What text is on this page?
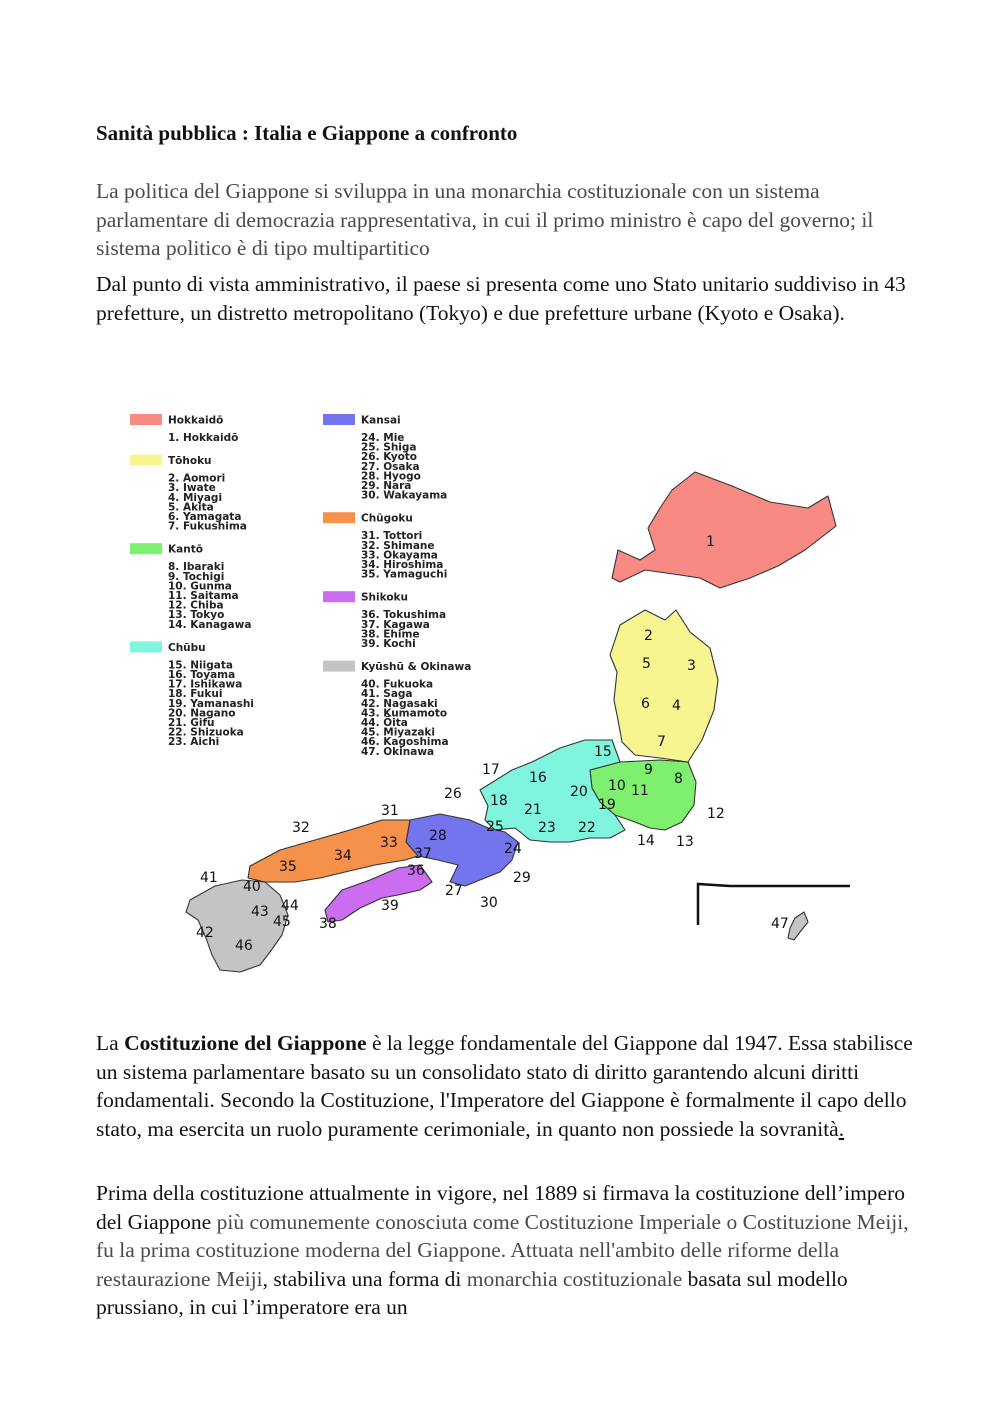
Sanità pubblica : Italia e Giappone a confronto

La politica del Giappone si sviluppa in una monarchia costituzionale con un sistema parlamentare di democrazia rappresentativa, in cui il primo ministro è capo del governo; il sistema politico è di tipo multipartitico

Dal punto di vista amministrativo, il paese si presenta come uno Stato unitario suddiviso in 43 prefetture, un distretto metropolitano (Tokyo) e due prefetture urbane (Kyoto e Osaka).

Hokkaidō
1. Hokkaidō
Tōhoku
2. Aomori
3. Iwate
4. Miyagi
5. Akita
6. Yamagata
7. Fukushima
Kantō
8. Ibaraki
9. Tochigi
10. Gunma
11. Saitama
12. Chiba
13. Tokyo
14. Kanagawa
Chūbu
15. Niigata
16. Toyama
17. Ishikawa
18. Fukui
19. Yamanashi
20. Nagano
21. Gifu
22. Shizuoka
23. Aichi
Kansai
24. Mie
25. Shiga
26. Kyoto
27. Osaka
28. Hyogo
29. Nara
30. Wakayama
Chūgoku
31. Tottori
32. Shimane
33. Okayama
34. Hiroshima
35. Yamaguchi
Shikoku
36. Tokushima
37. Kagawa
38. Ehime
39. Kochi
Kyūshū & Okinawa
40. Fukuoka
41. Saga
42. Nagasaki
43. Kumamoto
44. Ōita
45. Miyazaki
46. Kagoshima
47. Okinawa
1
2
3
4
5
6
7
8
9
10 11
12
13
14
15
16
17
18	19
20
21
22
23
24
25
26
27
28
29
30
31
32
33
34
35	36
37
38
39
40
41
42
43 44
45
46
47

La Costituzione del Giappone è la legge fondamentale del Giappone dal 1947. Essa stabilisce un sistema parlamentare basato su un consolidato stato di diritto garantendo alcuni diritti fondamentali. Secondo la Costituzione, l'Imperatore del Giappone è formalmente il capo dello stato, ma esercita un ruolo puramente cerimoniale, in quanto non possiede la sovranità.

Prima della costituzione attualmente in vigore, nel 1889 si firmava la costituzione dell’impero del Giappone più comunemente conosciuta come Costituzione Imperiale o Costituzione Meiji, fu la prima costituzione moderna del Giappone. Attuata nell'ambito delle riforme della restaurazione Meiji, stabiliva una forma di monarchia costituzionale basata sul modello prussiano, in cui l’imperatore era un
